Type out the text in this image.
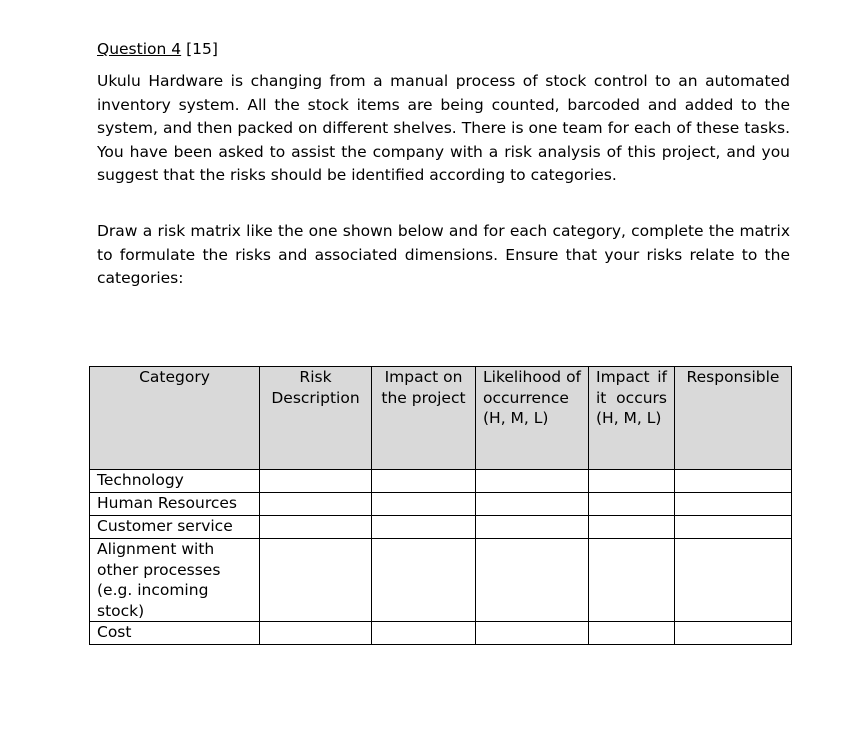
Question 4 [15]

Ukulu Hardware is changing from a manual process of stock control to an automated inventory system. All the stock items are being counted, barcoded and added to the system, and then packed on different shelves. There is one team for each of these tasks. You have been asked to assist the company with a risk analysis of this project, and you suggest that the risks should be identified according to categories.

Draw a risk matrix like the one shown below and for each category, complete the matrix to formulate the risks and associated dimensions. Ensure that your risks relate to the categories:

Category	Risk Description	Impact on the project	Likelihood of occurrence (H, M, L)	Impact if it occurs (H, M, L)	Responsible
Technology					
Human Resources					
Customer service					
Alignment with other processes (e.g. incoming stock)					
Cost					
